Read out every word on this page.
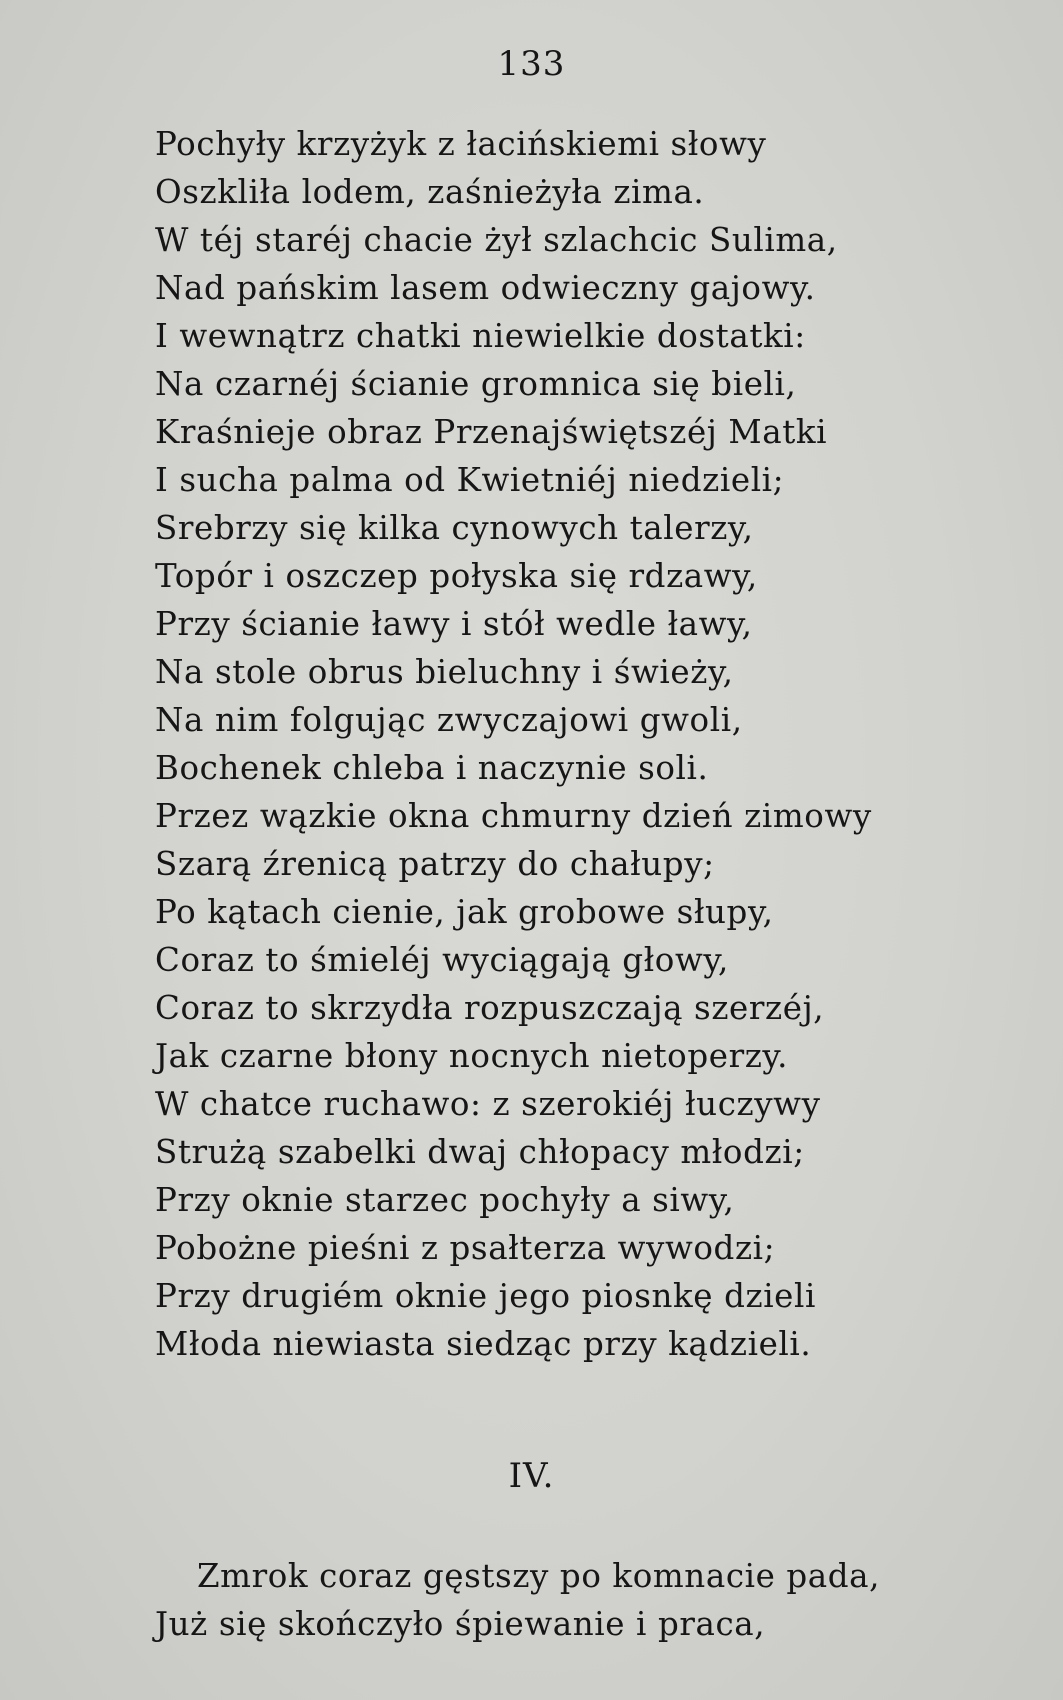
133
Pochyły krzyżyk z łacińskiemi słowy
Oszkliła lodem, zaśnieżyła zima.
W téj staréj chacie żył szlachcic Sulima,
Nad pańskim lasem odwieczny gajowy.
I wewnątrz chatki niewielkie dostatki:
Na czarnéj ścianie gromnica się bieli,
Kraśnieje obraz Przenajświętszéj Matki
I sucha palma od Kwietniéj niedzieli;
Srebrzy się kilka cynowych talerzy,
Topór i oszczep połyska się rdzawy,
Przy ścianie ławy i stół wedle ławy,
Na stole obrus bieluchny i świeży,
Na nim folgując zwyczajowi gwoli,
Bochenek chleba i naczynie soli.
Przez wązkie okna chmurny dzień zimowy
Szarą źrenicą patrzy do chałupy;
Po kątach cienie, jak grobowe słupy,
Coraz to śmieléj wyciągają głowy,
Coraz to skrzydła rozpuszczają szerzéj,
Jak czarne błony nocnych nietoperzy.
W chatce ruchawo: z szerokiéj łuczywy
Strużą szabelki dwaj chłopacy młodzi;
Przy oknie starzec pochyły a siwy,
Pobożne pieśni z psałterza wywodzi;
Przy drugiém oknie jego piosnkę dzieli
Młoda niewiasta siedząc przy kądzieli.
IV.
Zmrok coraz gęstszy po komnacie pada,
Już się skończyło śpiewanie i praca,
